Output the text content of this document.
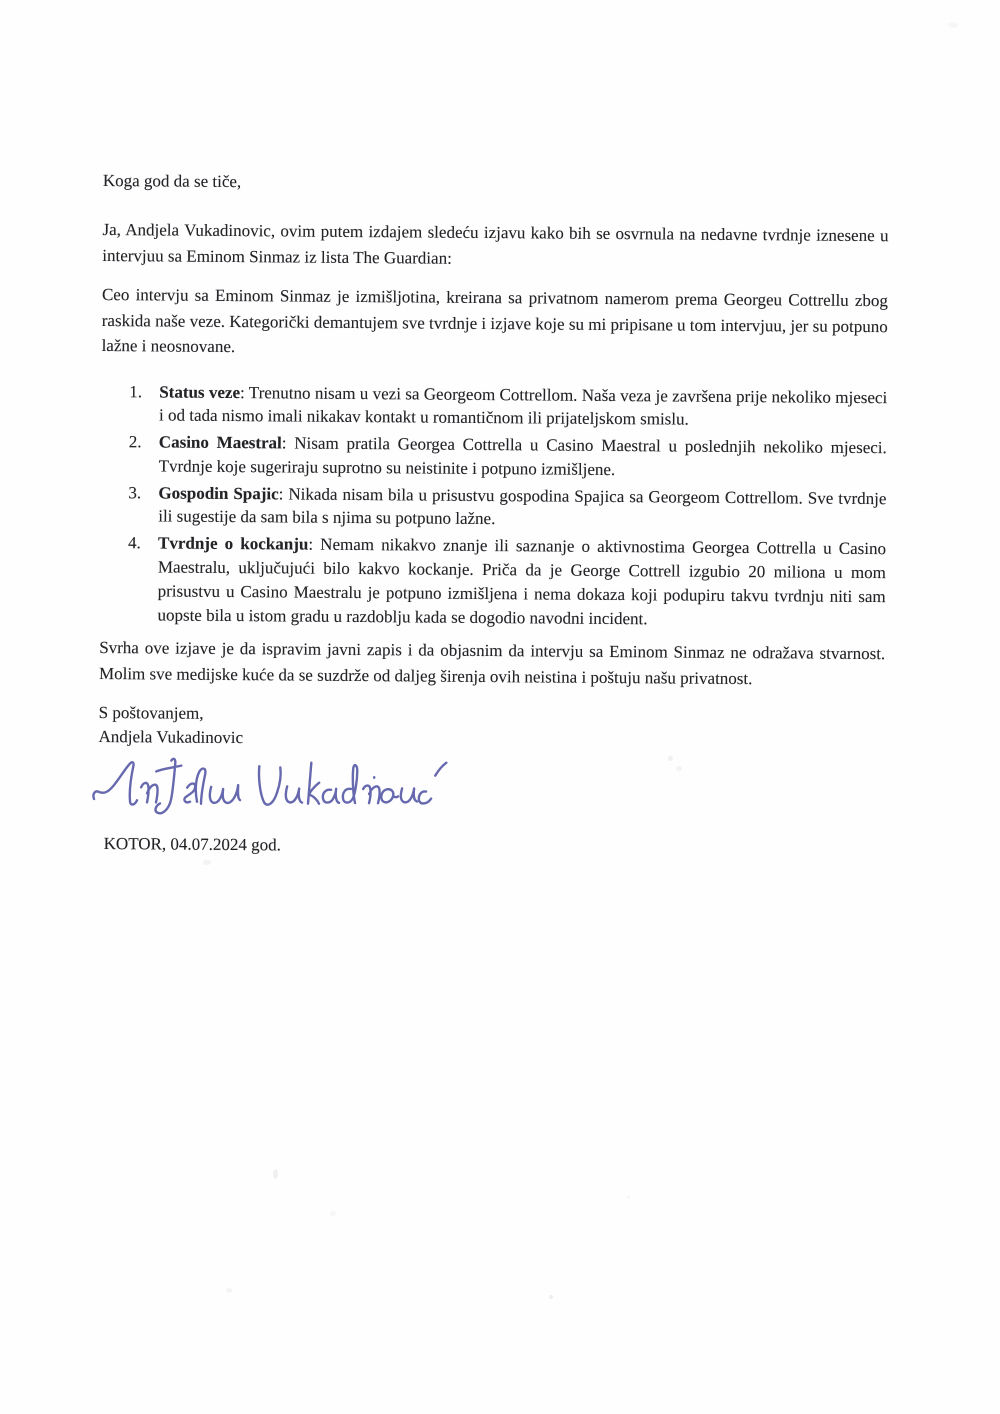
Koga god da se tiče,

Ja, Andjela Vukadinovic, ovim putem izdajem sledeću izjavu kako bih se osvrnula na nedavne tvrdnje iznesene u intervjuu sa Eminom Sinmaz iz lista The Guardian:

Ceo intervju sa Eminom Sinmaz je izmišljotina, kreirana sa privatnom namerom prema Georgeu Cottrellu zbog raskida naše veze. Kategorički demantujem sve tvrdnje i izjave koje su mi pripisane u tom intervjuu, jer su potpuno lažne i neosnovane.

1. Status veze: Trenutno nisam u vezi sa Georgeom Cottrellom. Naša veza je završena prije nekoliko mjeseci i od tada nismo imali nikakav kontakt u romantičnom ili prijateljskom smislu.
2. Casino Maestral: Nisam pratila Georgea Cottrella u Casino Maestral u poslednjih nekoliko mjeseci. Tvrdnje koje sugeriraju suprotno su neistinite i potpuno izmišljene.
3. Gospodin Spajic: Nikada nisam bila u prisustvu gospodina Spajica sa Georgeom Cottrellom. Sve tvrdnje ili sugestije da sam bila s njima su potpuno lažne.
4. Tvrdnje o kockanju: Nemam nikakvo znanje ili saznanje o aktivnostima Georgea Cottrella u Casino Maestralu, uključujući bilo kakvo kockanje. Priča da je George Cottrell izgubio 20 miliona u mom prisustvu u Casino Maestralu je potpuno izmišljena i nema dokaza koji podupiru takvu tvrdnju niti sam uopste bila u istom gradu u razdoblju kada se dogodio navodni incident.

Svrha ove izjave je da ispravim javni zapis i da objasnim da intervju sa Eminom Sinmaz ne odražava stvarnost. Molim sve medijske kuće da se suzdrže od daljeg širenja ovih neistina i poštuju našu privatnost.

S poštovanjem,
Andjela Vukadinovic

KOTOR, 04.07.2024 god.
